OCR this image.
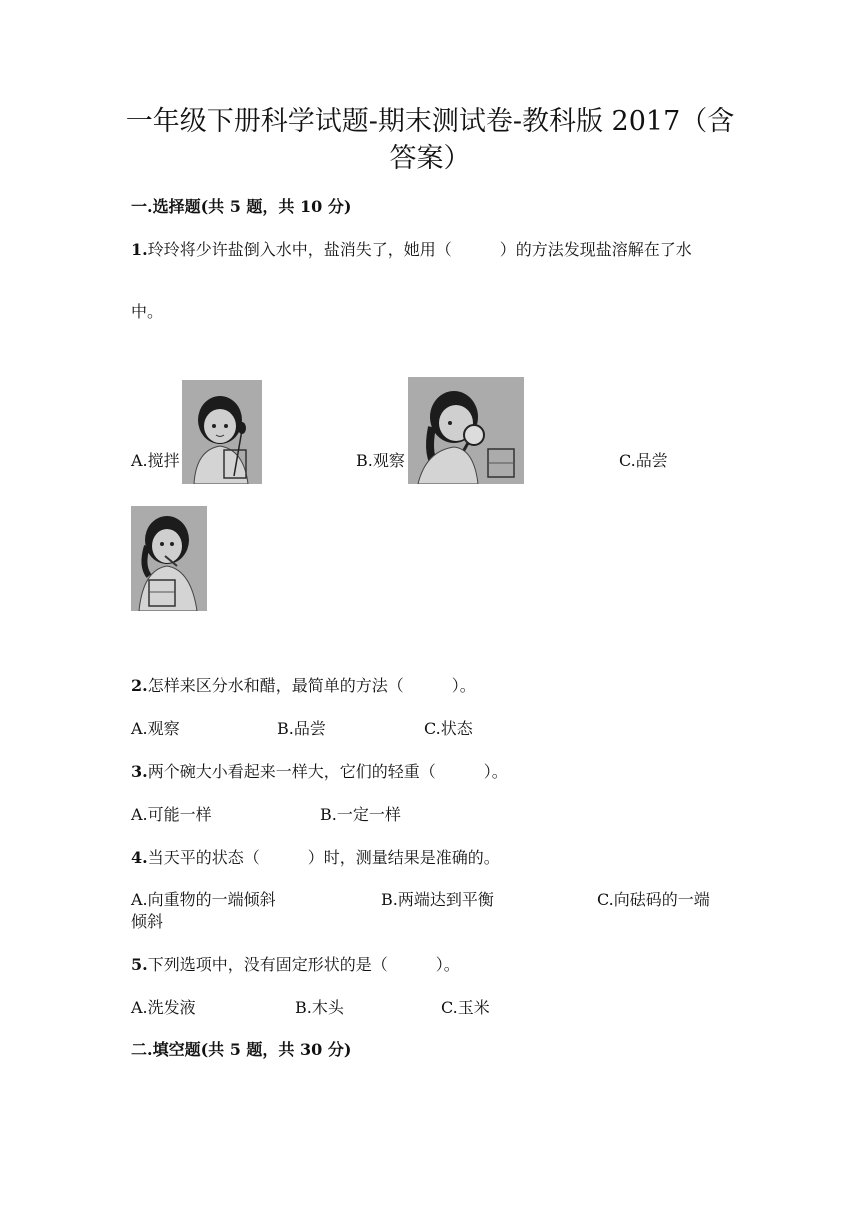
一年级下册科学试题-期末测试卷-教科版 2017（含
答案）
一.选择题(共 5 题，共 10 分)
1.玲玲将少许盐倒入水中，盐消失了，她用（　　　）的方法发现盐溶解在了水
中。
A.搅拌	B.观察	C.品尝
2.怎样来区分水和醋，最简单的方法（　　　）。
A.观察	B.品尝	C.状态
3.两个碗大小看起来一样大，它们的轻重（　　　）。
A.可能一样	B.一定一样
4.当天平的状态（　　　）时，测量结果是准确的。
A.向重物的一端倾斜	B.两端达到平衡	C.向砝码的一端
倾斜
5.下列选项中，没有固定形状的是（　　　）。
A.洗发液	B.木头	C.玉米
二.填空题(共 5 题，共 30 分)
